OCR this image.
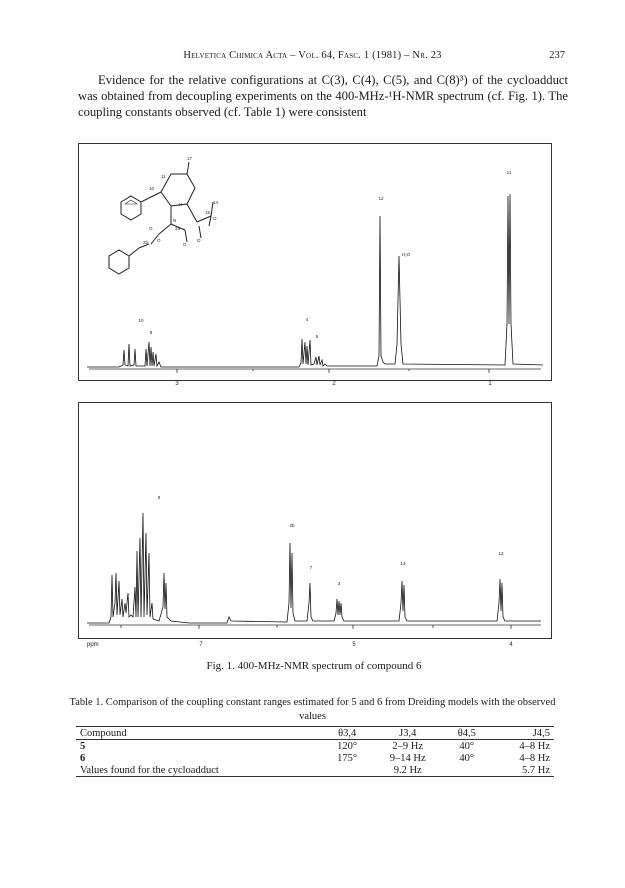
Helvetica Chimica Acta – Vol. 64, Fasc. 1 (1981) – Nr. 23	237

Evidence for the relative configurations at C(3), C(4), C(5), and C(8)³) of the cycloadduct was obtained from decoupling experiments on the 400-MHz-¹H-NMR spectrum (cf. Fig. 1). The coupling constants observed (cf. Table 1) were consistent

17
11
10
N
H
O
2a
2b
O
O
O
O
15
14
3	2	1
11
12
H₂O
10
8
4
5
ppm	7	5	4
8
2b
7
3
13
13
Fig. 1. 400-MHz-NMR spectrum of compound 6
Table 1. Comparison of the coupling constant ranges estimated for 5 and 6 from Dreiding models with the observed values
Compound	θ3,4	J3,4	θ4,5	J4,5
5	120°	2–9 Hz	40°	4–8 Hz
6	175°	9–14 Hz	40°	4–8 Hz
Values found for the cycloadduct		9.2 Hz		5.7 Hz
